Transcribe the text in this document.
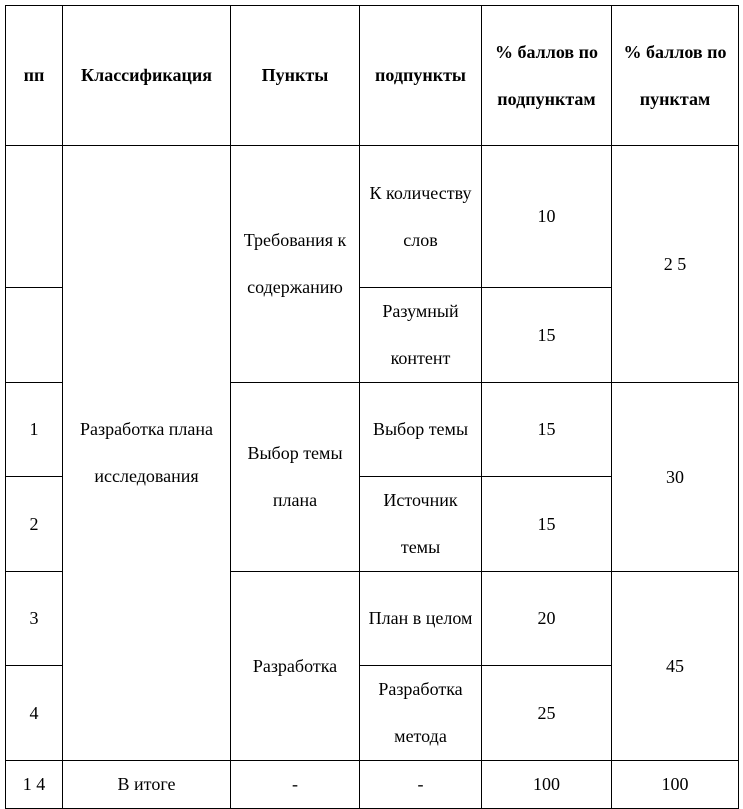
пп	Классификация	Пункты	подпункты	% баллов по подпунктам	% баллов по пунктам
	Разработка плана исследования	Требования к содержанию	К количеству слов	10	2 5
			Разумный контент	15	
1		Выбор темы плана	Выбор темы	15	30
2			Источник темы	15	
3		Разработка	План в целом	20	45
4			Разработка метода	25	
1 4	В итоге	-	-	100	100
